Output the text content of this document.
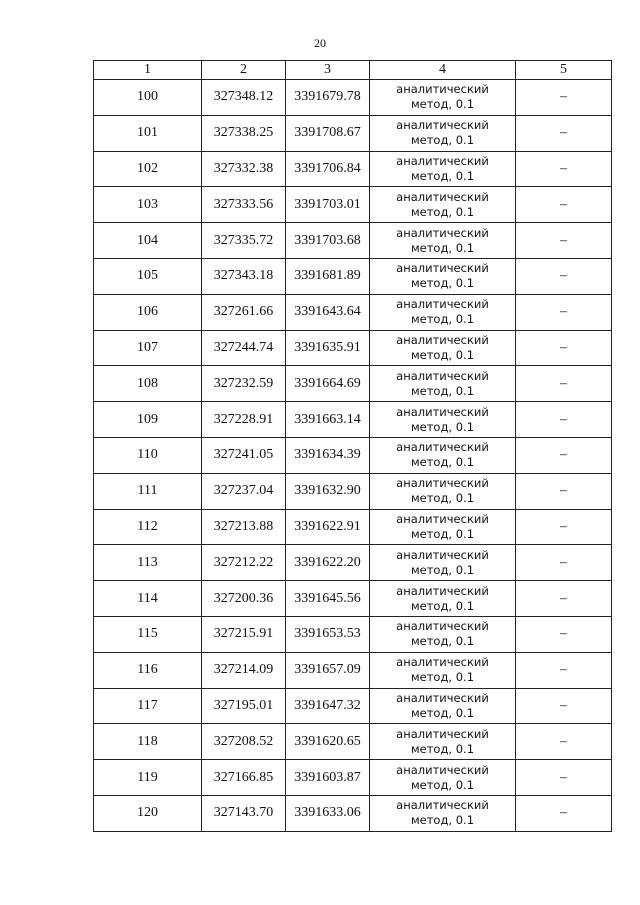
20
1	2	3	4	5
100	327348.12	3391679.78	аналитический
метод, 0.1	–
101	327338.25	3391708.67	аналитический
метод, 0.1	–
102	327332.38	3391706.84	аналитический
метод, 0.1	–
103	327333.56	3391703.01	аналитический
метод, 0.1	–
104	327335.72	3391703.68	аналитический
метод, 0.1	–
105	327343.18	3391681.89	аналитический
метод, 0.1	–
106	327261.66	3391643.64	аналитический
метод, 0.1	–
107	327244.74	3391635.91	аналитический
метод, 0.1	–
108	327232.59	3391664.69	аналитический
метод, 0.1	–
109	327228.91	3391663.14	аналитический
метод, 0.1	–
110	327241.05	3391634.39	аналитический
метод, 0.1	–
111	327237.04	3391632.90	аналитический
метод, 0.1	–
112	327213.88	3391622.91	аналитический
метод, 0.1	–
113	327212.22	3391622.20	аналитический
метод, 0.1	–
114	327200.36	3391645.56	аналитический
метод, 0.1	–
115	327215.91	3391653.53	аналитический
метод, 0.1	–
116	327214.09	3391657.09	аналитический
метод, 0.1	–
117	327195.01	3391647.32	аналитический
метод, 0.1	–
118	327208.52	3391620.65	аналитический
метод, 0.1	–
119	327166.85	3391603.87	аналитический
метод, 0.1	–
120	327143.70	3391633.06	аналитический
метод, 0.1	–
